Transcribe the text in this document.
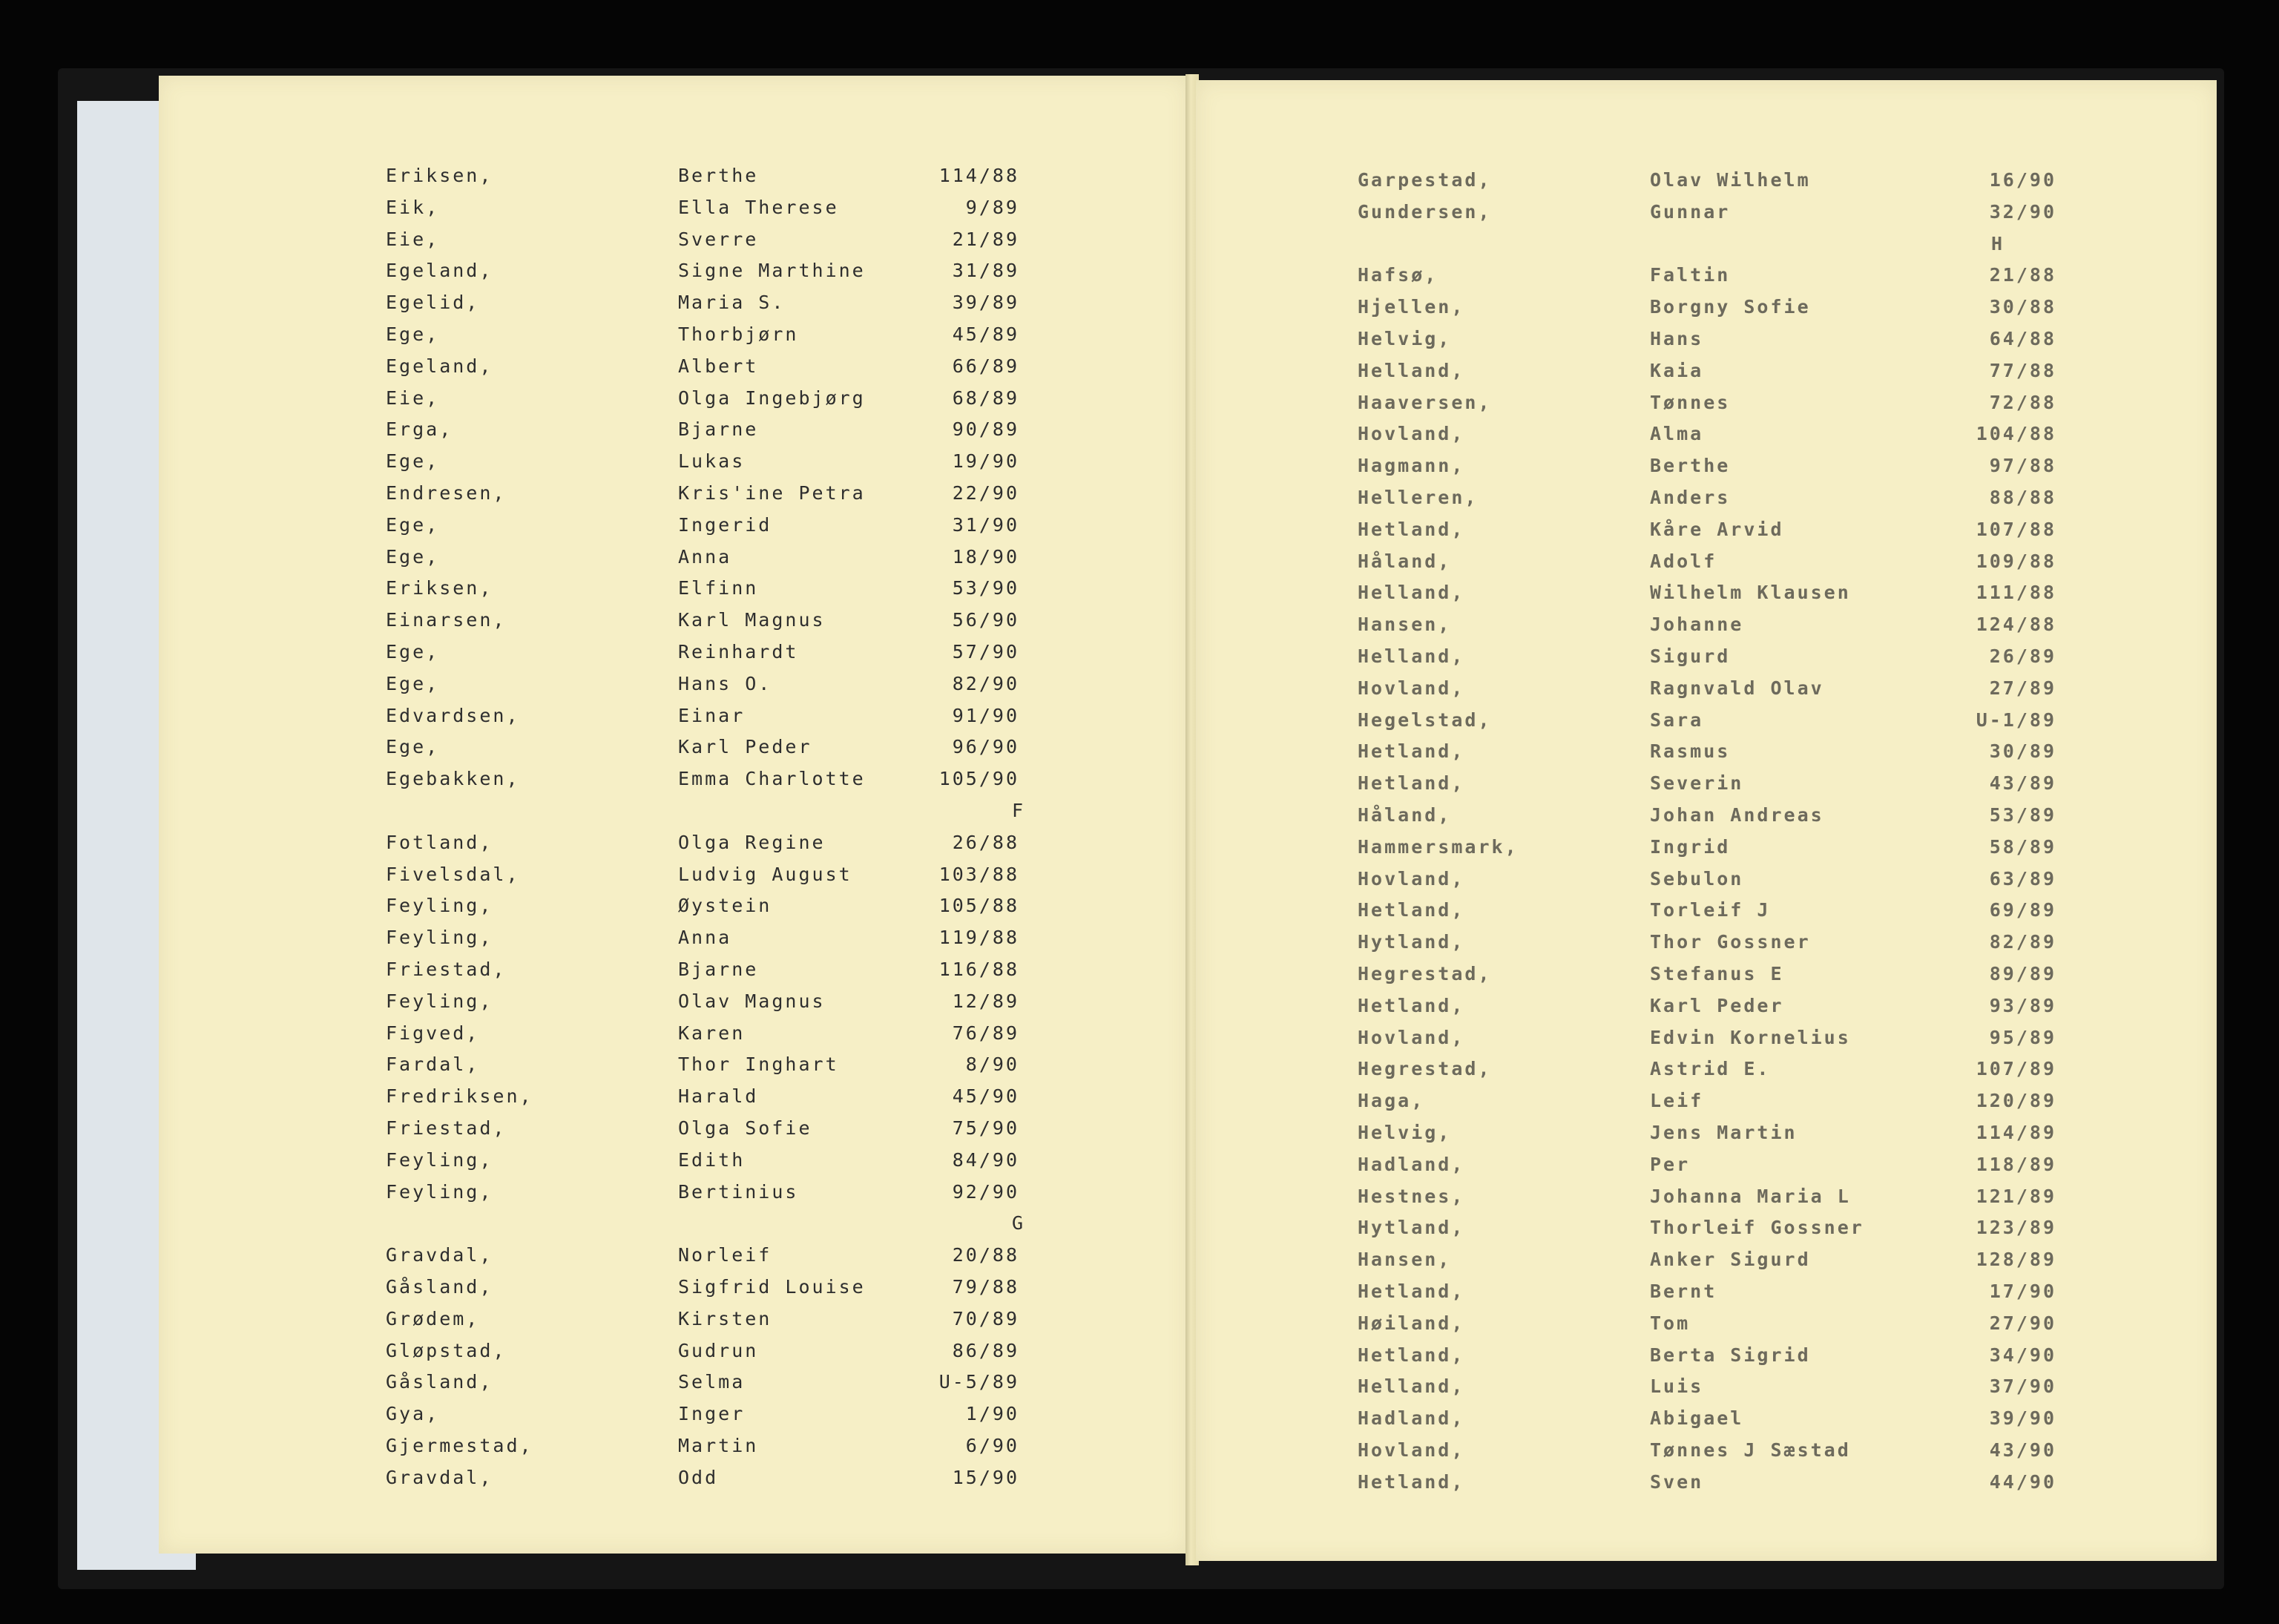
Eriksen,	Berthe	114/88
Eik,	Ella Therese	9/89
Eie,	Sverre	21/89
Egeland,	Signe Marthine	31/89
Egelid,	Maria S.	39/89
Ege,	Thorbjørn	45/89
Egeland,	Albert	66/89
Eie,	Olga Ingebjørg	68/89
Erga,	Bjarne	90/89
Ege,	Lukas	19/90
Endresen,	Kris'ine Petra	22/90
Ege,	Ingerid	31/90
Ege,	Anna	18/90
Eriksen,	Elfinn	53/90
Einarsen,	Karl Magnus	56/90
Ege,	Reinhardt	57/90
Ege,	Hans O.	82/90
Edvardsen,	Einar	91/90
Ege,	Karl Peder	96/90
Egebakken,	Emma Charlotte	105/90
F
Fotland,	Olga Regine	26/88
Fivelsdal,	Ludvig August	103/88
Feyling,	Øystein	105/88
Feyling,	Anna	119/88
Friestad,	Bjarne	116/88
Feyling,	Olav Magnus	12/89
Figved,	Karen	76/89
Fardal,	Thor Inghart	8/90
Fredriksen,	Harald	45/90
Friestad,	Olga Sofie	75/90
Feyling,	Edith	84/90
Feyling,	Bertinius	92/90
G
Gravdal,	Norleif	20/88
Gåsland,	Sigfrid Louise	79/88
Grødem,	Kirsten	70/89
Gløpstad,	Gudrun	86/89
Gåsland,	Selma	U-5/89
Gya,	Inger	1/90
Gjermestad,	Martin	6/90
Gravdal,	Odd	15/90
Garpestad,	Olav Wilhelm	16/90
Gundersen,	Gunnar	32/90
H
Hafsø,	Faltin	21/88
Hjellen,	Borgny Sofie	30/88
Helvig,	Hans	64/88
Helland,	Kaia	77/88
Haaversen,	Tønnes	72/88
Hovland,	Alma	104/88
Hagmann,	Berthe	97/88
Helleren,	Anders	88/88
Hetland,	Kåre Arvid	107/88
Håland,	Adolf	109/88
Helland,	Wilhelm Klausen	111/88
Hansen,	Johanne	124/88
Helland,	Sigurd	26/89
Hovland,	Ragnvald Olav	27/89
Hegelstad,	Sara	U-1/89
Hetland,	Rasmus	30/89
Hetland,	Severin	43/89
Håland,	Johan Andreas	53/89
Hammersmark,	Ingrid	58/89
Hovland,	Sebulon	63/89
Hetland,	Torleif J	69/89
Hytland,	Thor Gossner	82/89
Hegrestad,	Stefanus E	89/89
Hetland,	Karl Peder	93/89
Hovland,	Edvin Kornelius	95/89
Hegrestad,	Astrid E.	107/89
Haga,	Leif	120/89
Helvig,	Jens Martin	114/89
Hadland,	Per	118/89
Hestnes,	Johanna Maria L	121/89
Hytland,	Thorleif Gossner	123/89
Hansen,	Anker Sigurd	128/89
Hetland,	Bernt	17/90
Høiland,	Tom	27/90
Hetland,	Berta Sigrid	34/90
Helland,	Luis	37/90
Hadland,	Abigael	39/90
Hovland,	Tønnes J Sæstad	43/90
Hetland,	Sven	44/90
